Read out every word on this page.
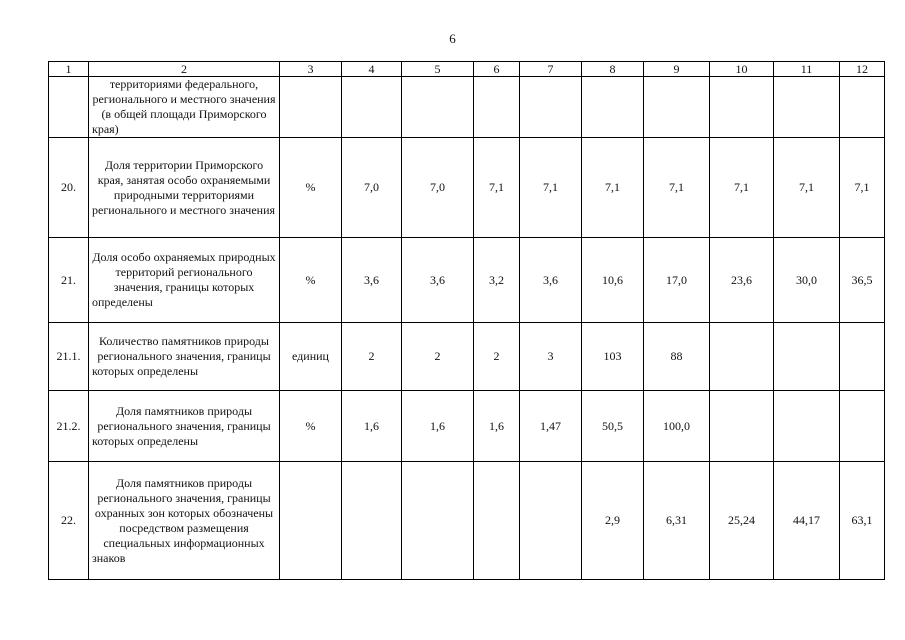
6
1	2	3	4	5	6	7	8	9	10	11	12
	территориями федерального, регионального и местного значения (в общей площади Приморского края)										
20.	Доля территории Приморского края, занятая особо охраняемыми природными территориями регионального и местного значения	%	7,0	7,0	7,1	7,1	7,1	7,1	7,1	7,1	7,1
21.	Доля особо охраняемых природных территорий регионального значения, границы которых определены	%	3,6	3,6	3,2	3,6	10,6	17,0	23,6	30,0	36,5
21.1.	Количество памятников природы регионального значения, границы которых определены	единиц	2	2	2	3	103	88			
21.2.	Доля памятников природы регионального значения, границы которых определены	%	1,6	1,6	1,6	1,47	50,5	100,0			
22.	Доля памятников природы регионального значения, границы охранных зон которых обозначены посредством размещения специальных информационных знаков						2,9	6,31	25,24	44,17	63,1
